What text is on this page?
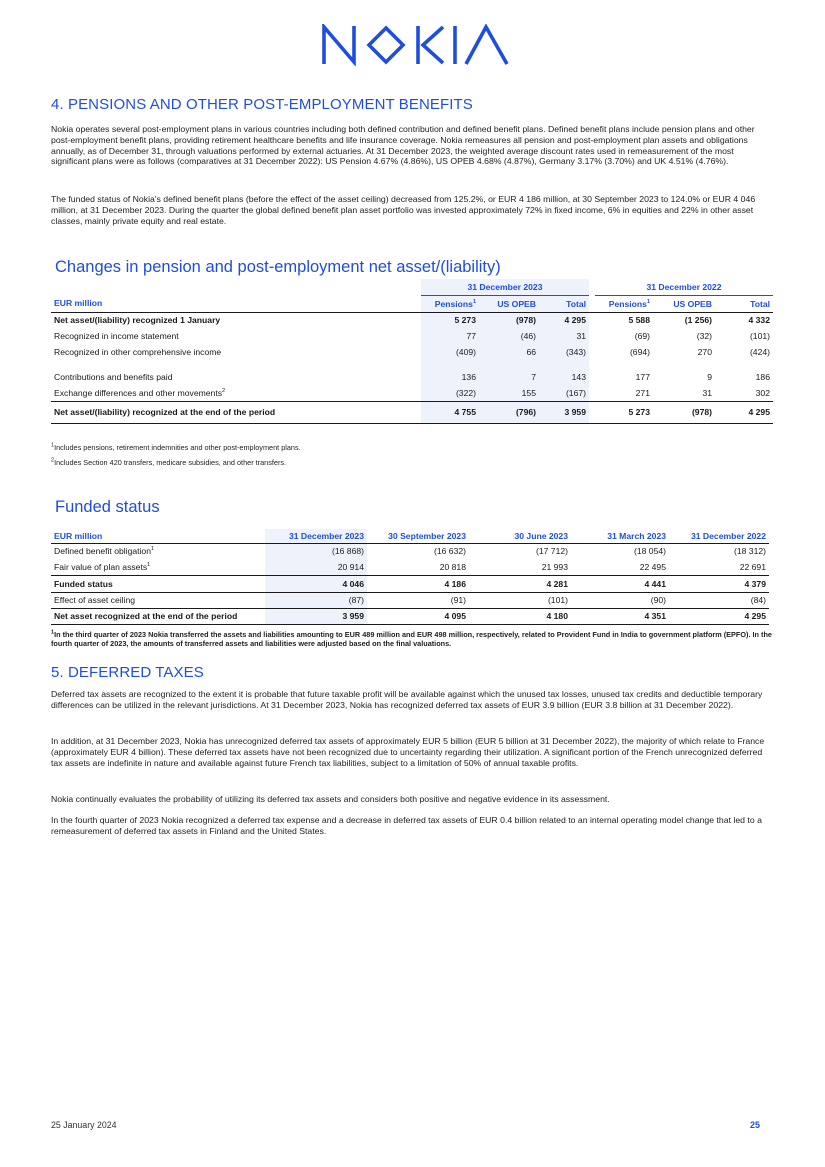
4. PENSIONS AND OTHER POST-EMPLOYMENT BENEFITS

Nokia operates several post-employment plans in various countries including both defined contribution and defined benefit plans. Defined benefit plans include pension plans and other post-employment benefit plans, providing retirement healthcare benefits and life insurance coverage. Nokia remeasures all pension and post-employment plan assets and obligations annually, as of December 31, through valuations performed by external actuaries. At 31 December 2023, the weighted average discount rates used in remeasurement of the most significant plans were as follows (comparatives at 31 December 2022): US Pension 4.67% (4.86%), US OPEB 4.68% (4.87%), Germany 3.17% (3.70%) and UK 4.51% (4.76%).

The funded status of Nokia's defined benefit plans (before the effect of the asset ceiling) decreased from 125.2%, or EUR 4 186 million, at 30 September 2023 to 124.0% or EUR 4 046 million, at 31 December 2023. During the quarter the global defined benefit plan asset portfolio was invested approximately 72% in fixed income, 6% in equities and 22% in other asset classes, mainly private equity and real estate.

Changes in pension and post-employment net asset/(liability)
	31 December 2023				31 December 2022		
EUR million	Pensions$^1$	US OPEB	Total		Pensions$^1$	US OPEB	Total
Net asset/(liability) recognized 1 January	5 273	(978)	4 295		5 588	(1 256)	4 332
Recognized in income statement	77	(46)	31		(69)	(32)	(101)
Recognized in other comprehensive income	(409)	66	(343)		(694)	270	(424)

Contributions and benefits paid	136	7	143		177	9	186
Exchange differences and other movements$^2$	(322)	155	(167)		271	31	302
Net asset/(liability) recognized at the end of the period	4 755	(796)	3 959		5 273	(978)	4 295

$^1$Includes pensions, retirement indemnities and other post-employment plans.

$^2$Includes Section 420 transfers, medicare subsidies, and other transfers.

Funded status
EUR million	31 December 2023	30 September 2023	30 June 2023	31 March 2023	31 December 2022
Defined benefit obligation$^1$	(16 868)	(16 632)	(17 712)	(18 054)	(18 312)
Fair value of plan assets$^1$	20 914	20 818	21 993	22 495	22 691
Funded status	4 046	4 186	4 281	4 441	4 379
Effect of asset ceiling	(87)	(91)	(101)	(90)	(84)
Net asset recognized at the end of the period	3 959	4 095	4 180	4 351	4 295

$^1$In the third quarter of 2023 Nokia transferred the assets and liabilities amounting to EUR 489 million and EUR 498 million, respectively, related to Provident Fund in India to government platform (EPFO). In the fourth quarter of 2023, the amounts of transferred assets and liabilities were adjusted based on the final valuations.

5. DEFERRED TAXES

Deferred tax assets are recognized to the extent it is probable that future taxable profit will be available against which the unused tax losses, unused tax credits and deductible temporary differences can be utilized in the relevant jurisdictions. At 31 December 2023, Nokia has recognized deferred tax assets of EUR 3.9 billion (EUR 3.8 billion at 31 December 2022).

In addition, at 31 December 2023, Nokia has unrecognized deferred tax assets of approximately EUR 5 billion (EUR 5 billion at 31 December 2022), the majority of which relate to France (approximately EUR 4 billion). These deferred tax assets have not been recognized due to uncertainty regarding their utilization. A significant portion of the French unrecognized deferred tax assets are indefinite in nature and available against future French tax liabilities, subject to a limitation of 50% of annual taxable profits.

Nokia continually evaluates the probability of utilizing its deferred tax assets and considers both positive and negative evidence in its assessment.

In the fourth quarter of 2023 Nokia recognized a deferred tax expense and a decrease in deferred tax assets of EUR 0.4 billion related to an internal operating model change that led to a remeasurement of deferred tax assets in Finland and the United States.

25 January 2024	25
